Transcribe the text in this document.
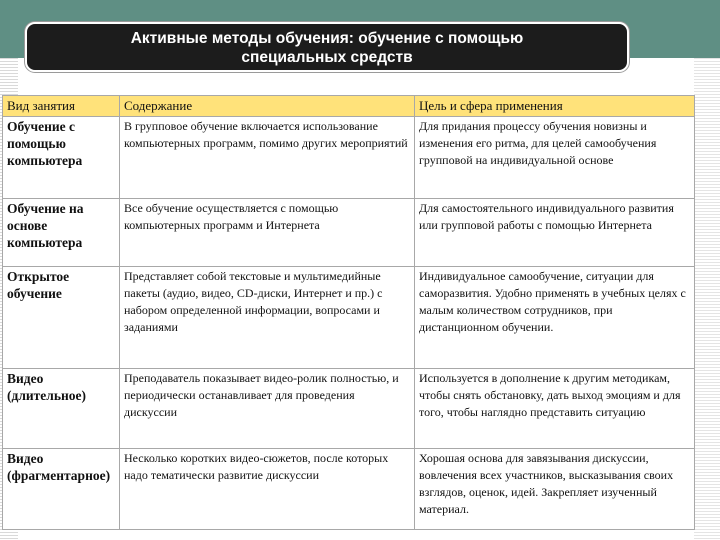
Активные методы обучения: обучение с помощью
специальных средств
Вид занятия	Содержание	Цель и сфера применения
Обучение с помощью компьютера	В групповое обучение включается использование компьютерных программ, помимо других мероприятий	Для придания процессу обучения новизны и изменения его ритма, для целей самообучения групповой на индивидуальной основе
Обучение на основе компьютера	Все обучение осуществляется с помощью компьютерных программ и Интернета	Для самостоятельного индивидуального развития или групповой работы с помощью Интернета
Открытое обучение	Представляет собой текстовые и мультимедийные пакеты (аудио, видео, CD-диски, Интернет и пр.) с набором определенной информации, вопросами и заданиями	Индивидуальное самообучение, ситуации для саморазвития. Удобно применять в учебных целях с малым количеством сотрудников, при дистанционном обучении.
Видео (длительное)	Преподаватель показывает видео-ролик полностью, и периодически останавливает для проведения дискуссии	Используется в дополнение к другим методикам, чтобы снять обстановку, дать выход эмоциям и для того, чтобы наглядно представить ситуацию
Видео (фрагментарное)	Несколько коротких видео-сюжетов, после которых надо тематически развитие дискуссии	Хорошая основа для завязывания дискуссии, вовлечения всех участников, высказывания своих взглядов, оценок, идей. Закрепляет изученный материал.
